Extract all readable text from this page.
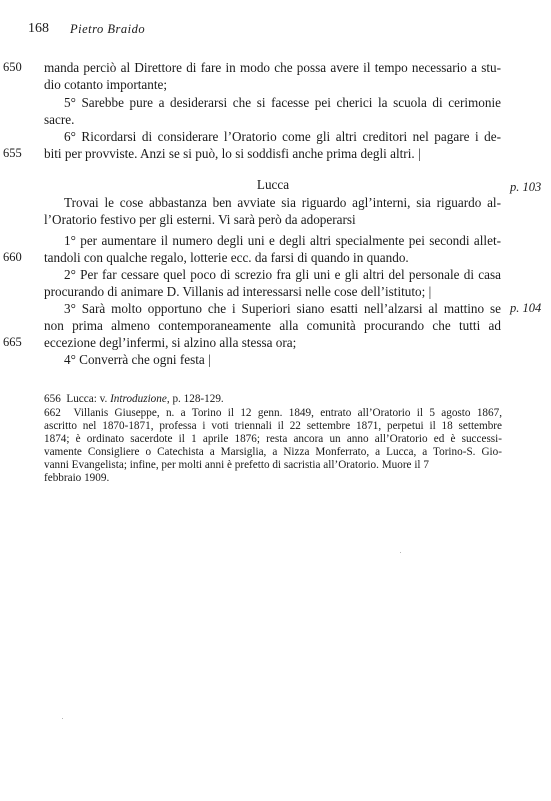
168 Pietro Braido
manda perciò al Direttore di fare in modo che possa avere il tempo necessario a stu-
dio cotanto importante;
5° Sarebbe pure a desiderarsi che si facesse pei cherici la scuola di cerimonie
sacre.
6° Ricordarsi di considerare l’Oratorio come gli altri creditori nel pagare i de-
biti per provviste. Anzi se si può, lo si soddisfi anche prima degli altri. |
Lucca
Trovai le cose abbastanza ben avviate sia riguardo agl’interni, sia riguardo al-
l’Oratorio festivo per gli esterni. Vi sarà però da adoperarsi
1° per aumentare il numero degli uni e degli altri specialmente pei secondi allet-
tandoli con qualche regalo, lotterie ecc. da farsi di quando in quando.
2° Per far cessare quel poco di screzio fra gli uni e gli altri del personale di casa
procurando di animare D. Villanis ad interessarsi nelle cose dell’istituto; |
3° Sarà molto opportuno che i Superiori siano esatti nell’alzarsi al mattino se
non prima almeno contemporaneamente alla comunità procurando che tutti ad
eccezione degl’infermi, si alzino alla stessa ora;
4° Converrà che ogni festa |
650
655
660
665
p. 103
p. 104
656 Lucca: v. Introduzione, p. 128-129.
662 Villanis Giuseppe, n. a Torino il 12 genn. 1849, entrato all’Oratorio il 5 agosto 1867,
ascritto nel 1870-1871, professa i voti triennali il 22 settembre 1871, perpetui il 18 settembre
1874; è ordinato sacerdote il 1 aprile 1876; resta ancora un anno all’Oratorio ed è successi-
vamente Consigliere o Catechista a Marsiglia, a Nizza Monferrato, a Lucca, a Torino-S. Gio-
vanni Evangelista; infine, per molti anni è prefetto di sacristia all’Oratorio. Muore il 7
febbraio 1909.
